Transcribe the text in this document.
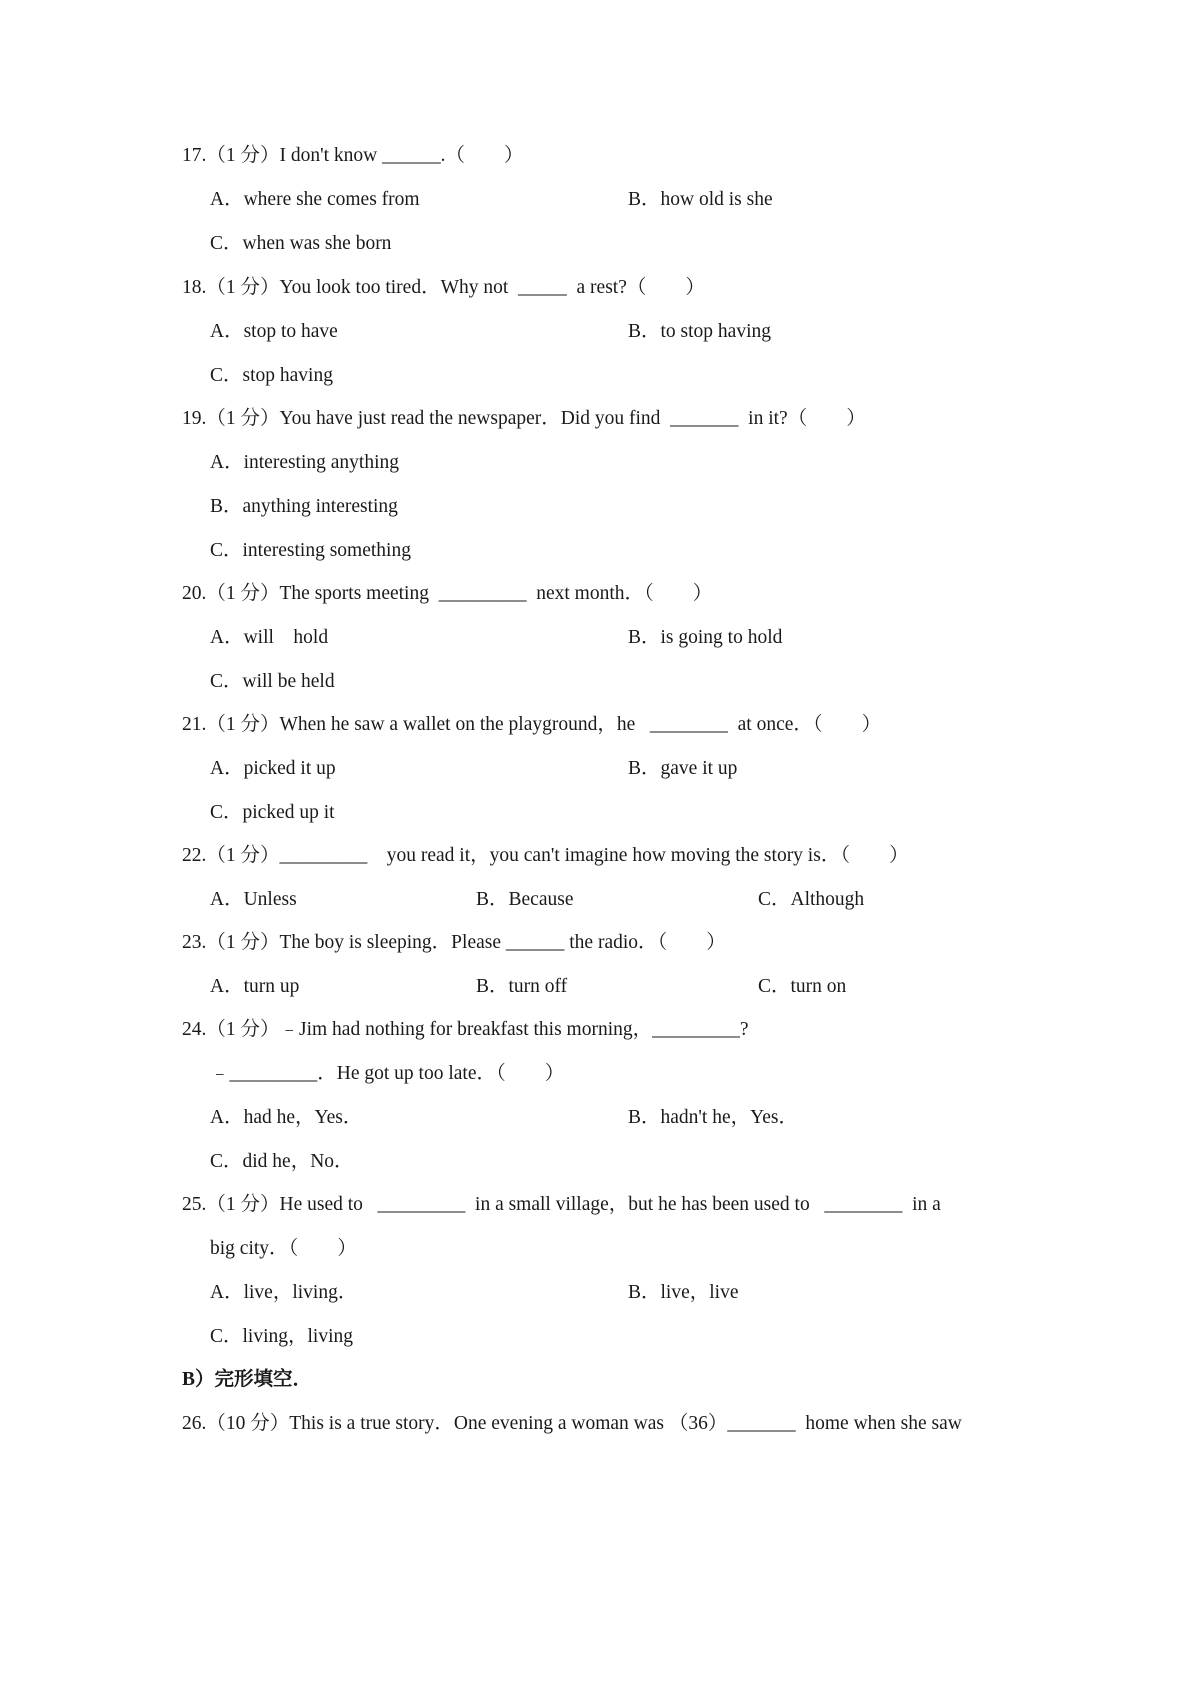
17.（1 分）I don't know ______.（　　）
A．where she comes from	B．how old is she
C．when was she born
18.（1 分）You look too tired．Why not  _____  a rest?（　　）
A．stop to have	B．to stop having
C．stop having
19.（1 分）You have just read the newspaper．Did you find  _______  in it?（　　）
A．interesting anything
B．anything interesting
C．interesting something
20.（1 分）The sports meeting  _________  next month．（　　）
A．will    hold	B．is going to hold
C．will be held
21.（1 分）When he saw a wallet on the playground，he   ________  at once．（　　）
A．picked it up	B．gave it up
C．picked up it
22.（1 分）_________    you read it，you can't imagine how moving the story is．（　　）
A．Unless	B．Because	C．Although
23.（1 分）The boy is sleeping．Please ______ the radio．（　　）
A．turn up	B．turn off	C．turn on
24.（1 分）﹣Jim had nothing for breakfast this morning，_________?
﹣_________．He got up too late．（　　）
A．had he，Yes．	B．hadn't he，Yes．
C．did he，No．
25.（1 分）He used to   _________  in a small village，but he has been used to   ________  in a
big city．（　　）
A．live，living．	B．live，live
C．living，living
B）完形填空．
26.（10 分）This is a true story．One evening a woman was （36）_______  home when she saw
